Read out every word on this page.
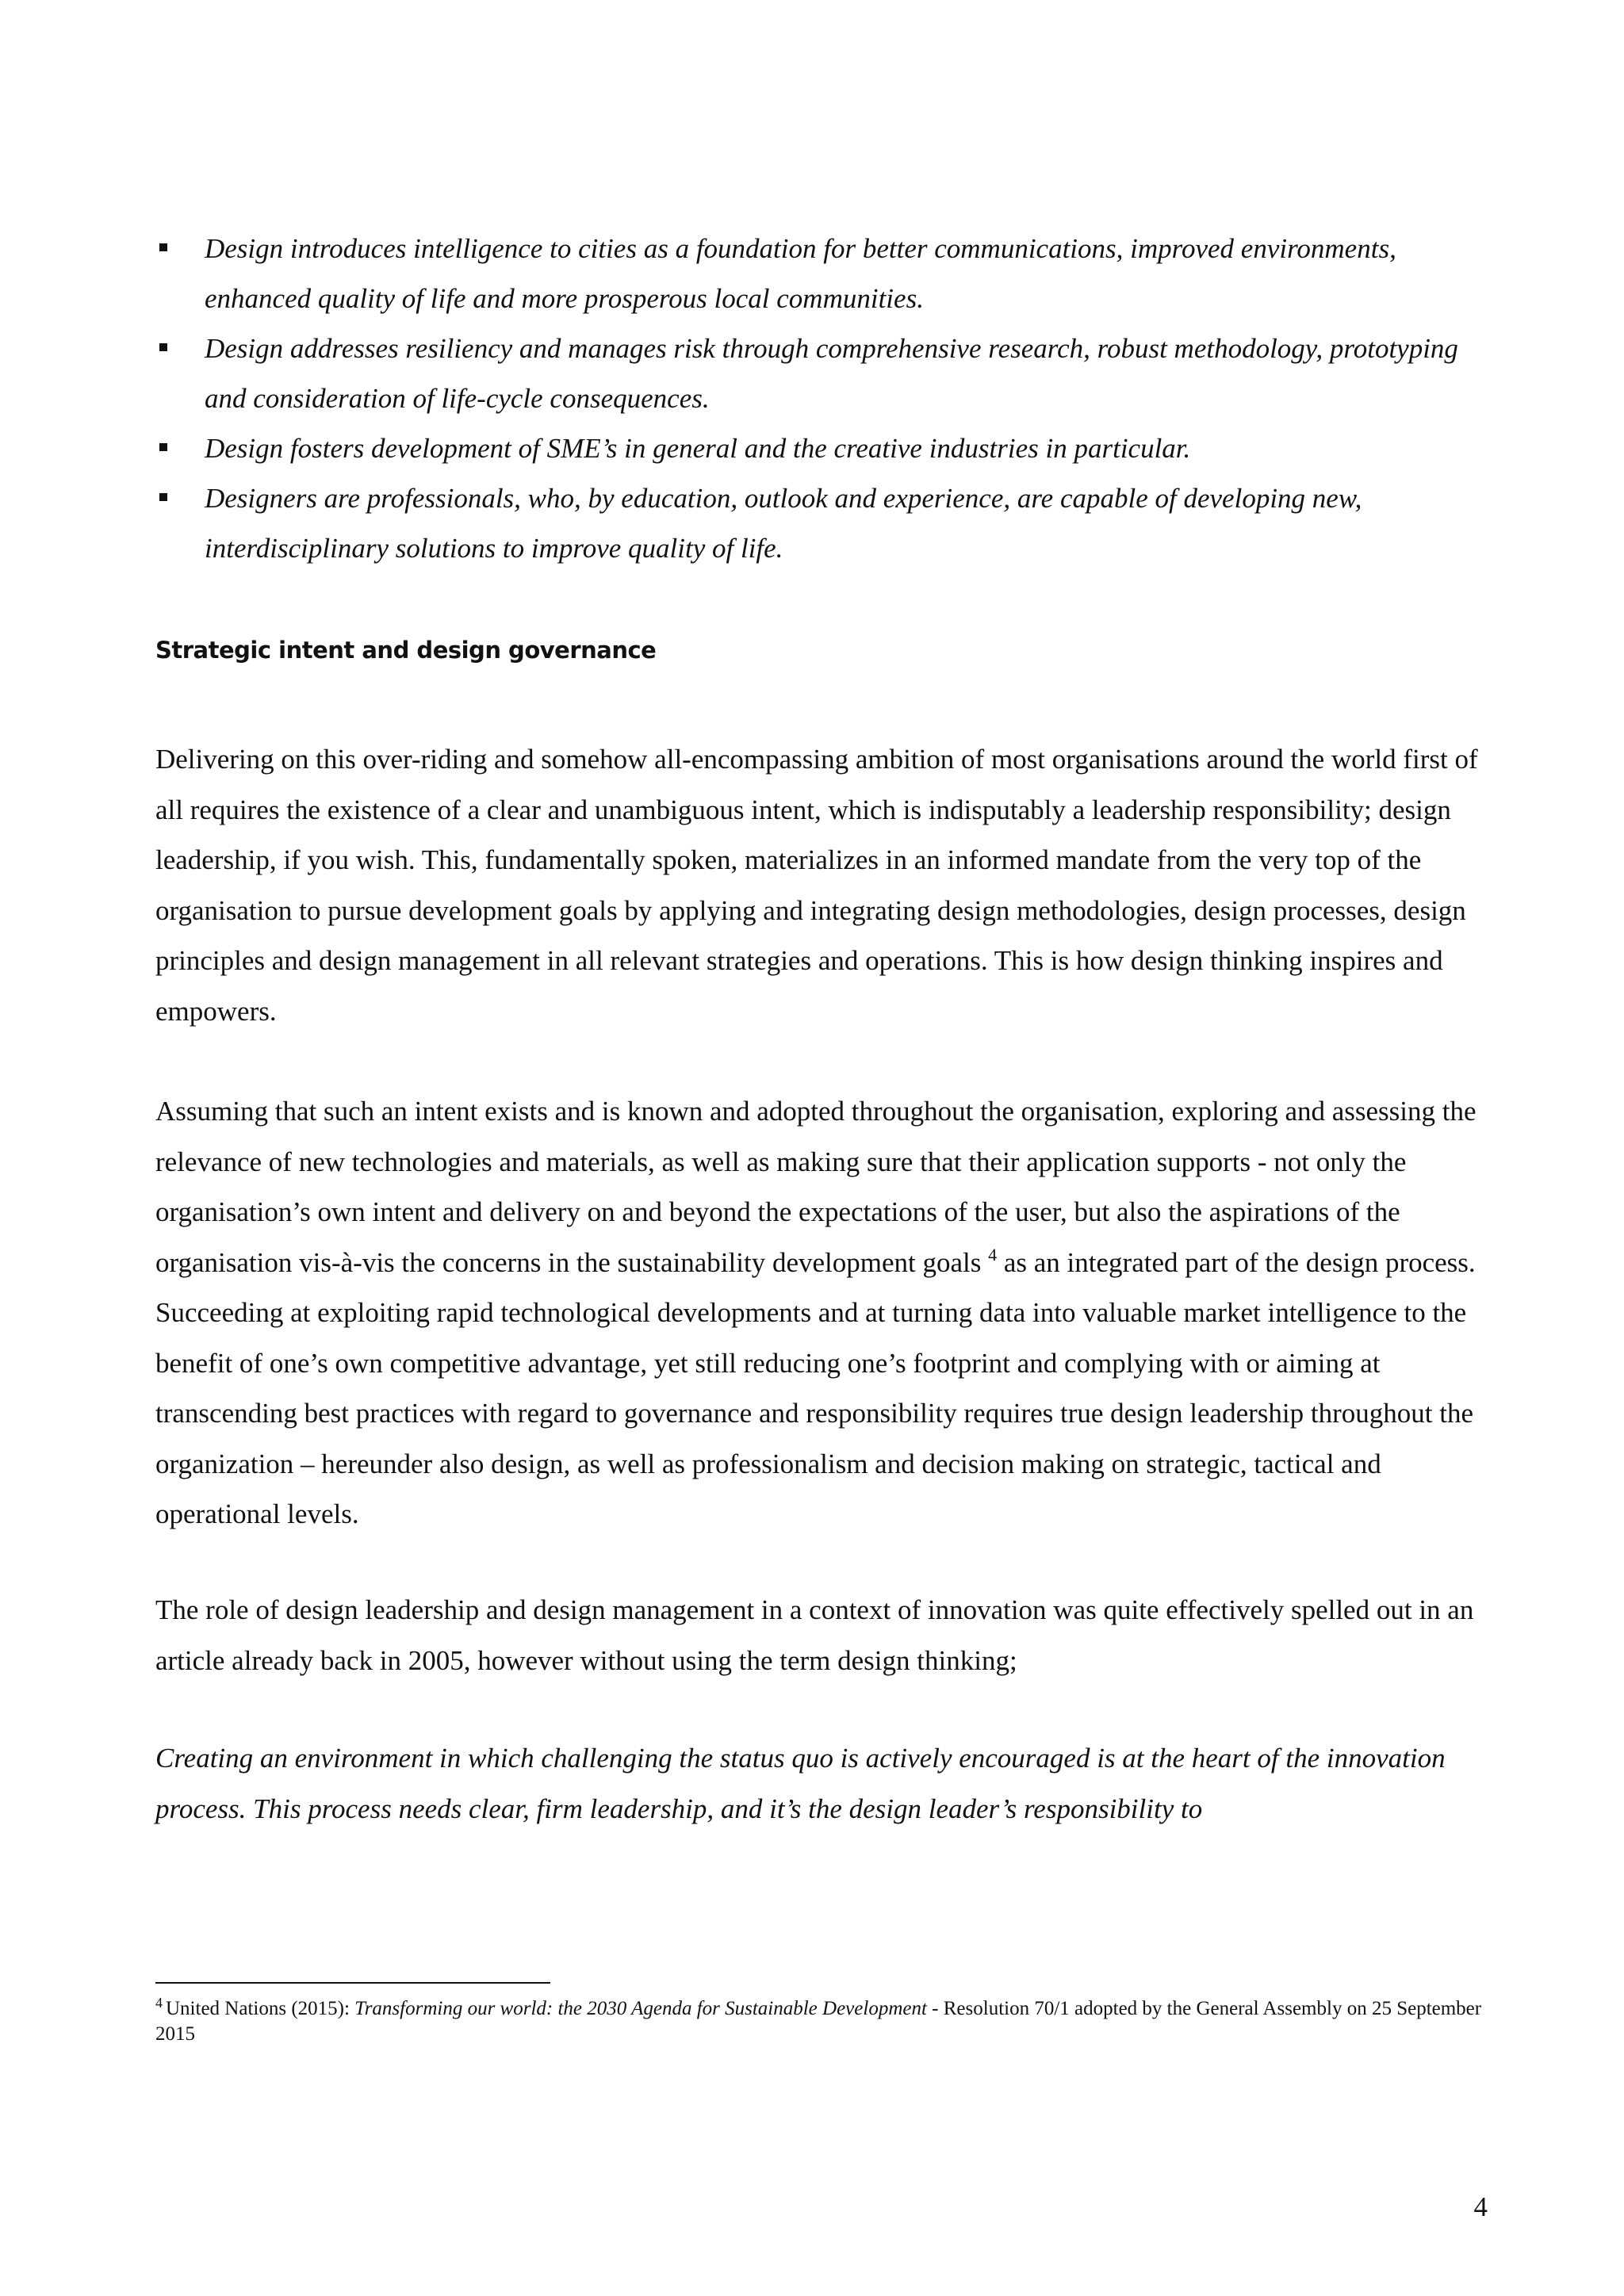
Design introduces intelligence to cities as a foundation for better communications, improved environments, enhanced quality of life and more prosperous local communities.
Design addresses resiliency and manages risk through comprehensive research, robust methodology, prototyping and consideration of life-cycle consequences.
Design fosters development of SME’s in general and the creative industries in particular.
Designers are professionals, who, by education, outlook and experience, are capable of developing new, interdisciplinary solutions to improve quality of life.
Strategic intent and design governance

Delivering on this over-riding and somehow all-encompassing ambition of most organisations around the world first of all requires the existence of a clear and unambiguous intent, which is indisputably a leadership responsibility; design leadership, if you wish. This, fundamentally spoken, materializes in an informed mandate from the very top of the organisation to pursue development goals by applying and integrating design methodologies, design processes, design principles and design management in all relevant strategies and operations. This is how design thinking inspires and empowers.

Assuming that such an intent exists and is known and adopted throughout the organisation, exploring and assessing the relevance of new technologies and materials, as well as making sure that their application supports - not only the organisation’s own intent and delivery on and beyond the expectations of the user, but also the aspirations of the organisation vis-à-vis the concerns in the sustainability development goals $^4$ as an integrated part of the design process. Succeeding at exploiting rapid technological developments and at turning data into valuable market intelligence to the benefit of one’s own competitive advantage, yet still reducing one’s footprint and complying with or aiming at transcending best practices with regard to governance and responsibility requires true design leadership throughout the organization – hereunder also design, as well as professionalism and decision making on strategic, tactical and operational levels.

The role of design leadership and design management in a context of innovation was quite effectively spelled out in an article already back in 2005, however without using the term design thinking;

Creating an environment in which challenging the status quo is actively encouraged is at the heart of the innovation process. This process needs clear, firm leadership, and it’s the design leader’s responsibility to

$^4$ United Nations (2015): Transforming our world: the 2030 Agenda for Sustainable Development - Resolution 70/1 adopted by the General Assembly on 25 September 2015

4
